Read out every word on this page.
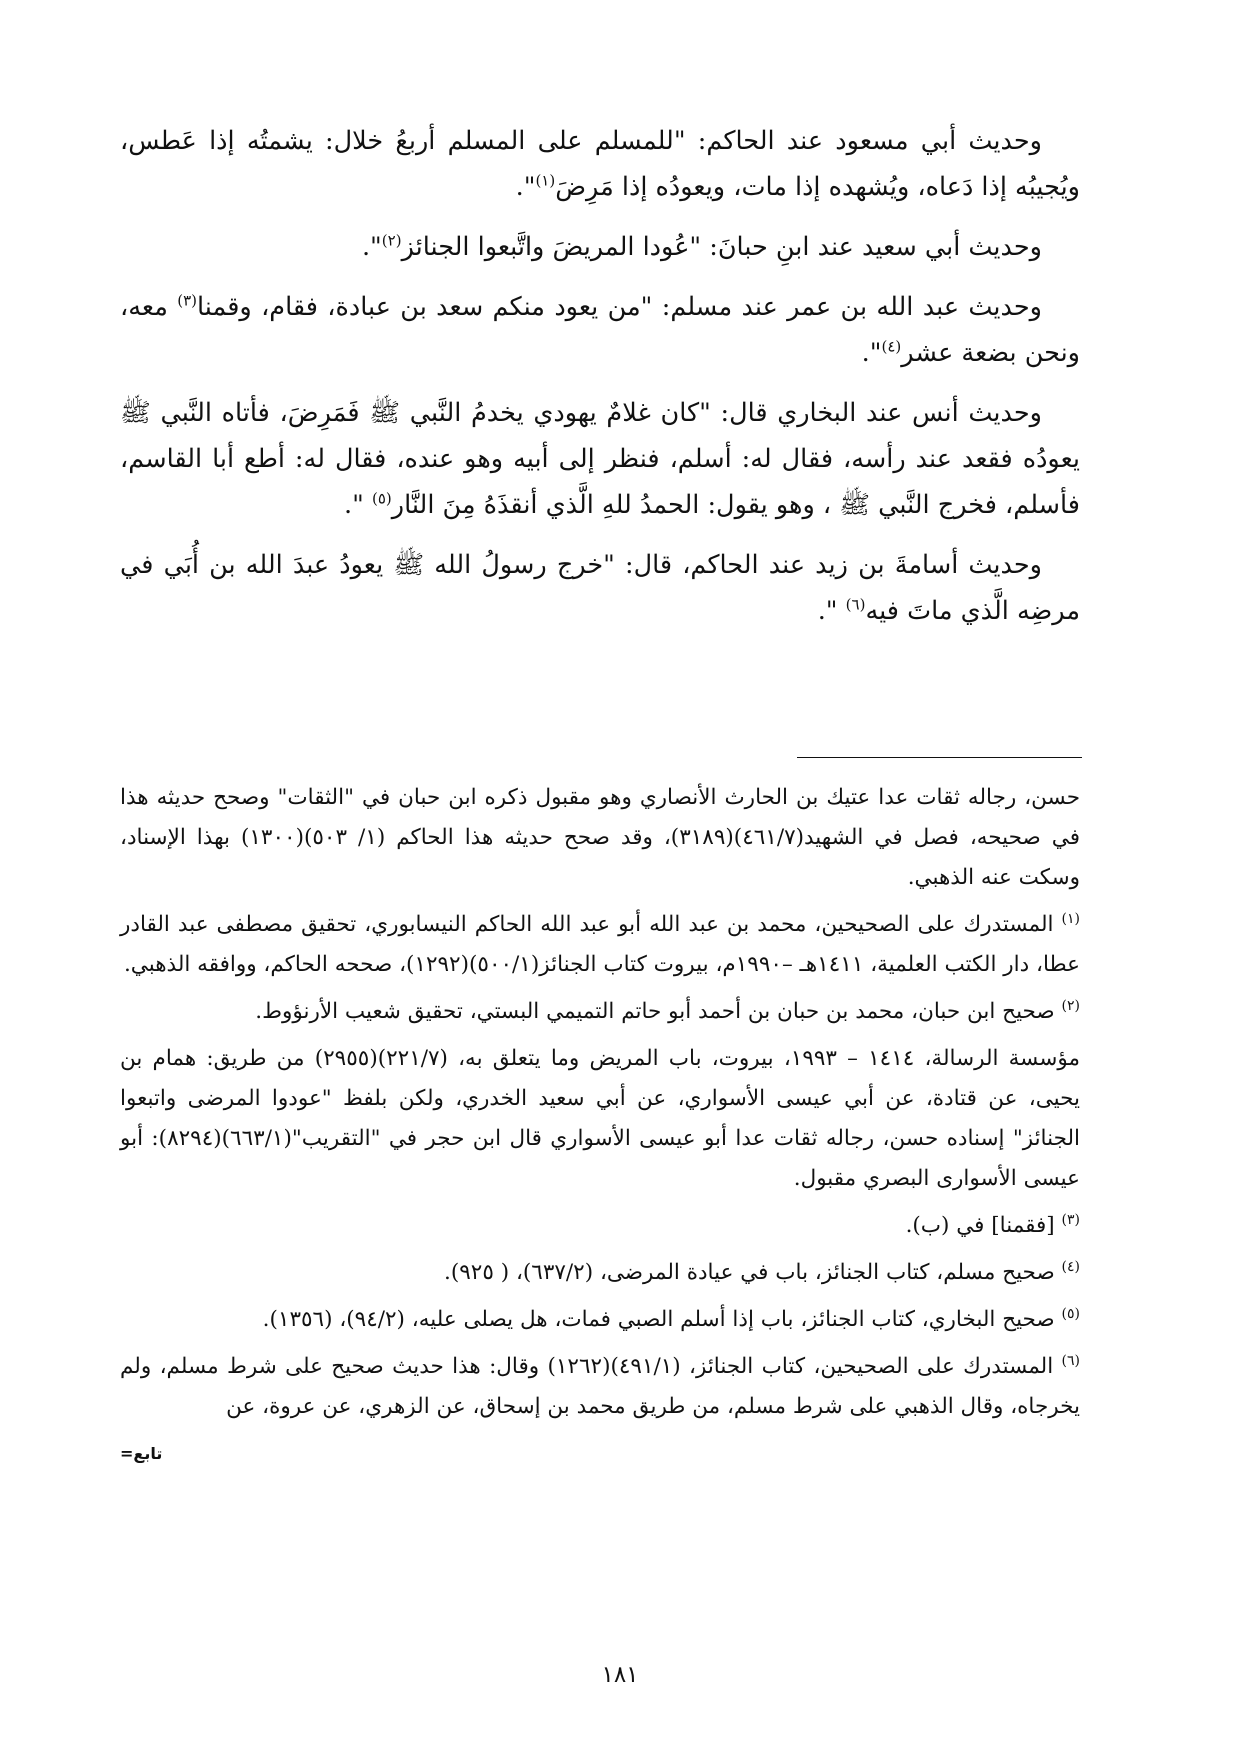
وحديث أبي مسعود عند الحاكم: "للمسلم على المسلم أربعُ خلال: يشمتُه إذا عَطس، ويُجيبُه إذا دَعاه، ويُشهده إذا مات، ويعودُه إذا مَرِضَ$^{(١)}$".

وحديث أبي سعيد عند ابنِ حبانَ: "عُودا المريضَ واتَّبعوا الجنائز$^{(٢)}$".

وحديث عبد الله بن عمر عند مسلم: "من يعود منكم سعد بن عبادة، فقام، وقمنا$^{(٣)}$ معه، ونحن بضعة عشر$^{(٤)}$".

وحديث أنس عند البخاري قال: "كان غلامٌ يهودي يخدمُ النَّبي ﷺ فَمَرِضَ، فأتاه النَّبي ﷺ يعودُه فقعد عند رأسه، فقال له: أسلم، فنظر إلى أبيه وهو عنده، فقال له: أطع أبا القاسم، فأسلم، فخرج النَّبي ﷺ ، وهو يقول: الحمدُ للهِ الَّذي أنقذَهُ مِنَ النَّار$^{(٥)}$ ".

وحديث أسامةَ بن زيد عند الحاكم، قال: "خرج رسولُ الله ﷺ يعودُ عبدَ الله بن أُبَي في مرضِه الَّذي ماتَ فيه$^{(٦)}$ ".

حسن، رجاله ثقات عدا عتيك بن الحارث الأنصاري وهو مقبول ذكره ابن حبان في "الثقات" وصحح حديثه هذا في صحيحه، فصل في الشهيد(٤٦١/٧)(٣١٨٩)، وقد صحح حديثه هذا الحاكم (١/ ٥٠٣)(١٣٠٠) بهذا الإسناد، وسكت عنه الذهبي.

$^{(١)}$ المستدرك على الصحيحين، محمد بن عبد الله أبو عبد الله الحاكم النيسابوري، تحقيق مصطفى عبد القادر عطا، دار الكتب العلمية، ١٤١١هـ –١٩٩٠م، بيروت كتاب الجنائز(٥٠٠/١)(١٢٩٢)، صححه الحاكم، ووافقه الذهبي.

$^{(٢)}$ صحيح ابن حبان، محمد بن حبان بن أحمد أبو حاتم التميمي البستي، تحقيق شعيب الأرنؤوط.

مؤسسة الرسالة، ١٤١٤ – ١٩٩٣، بيروت، باب المريض وما يتعلق به، (٢٢١/٧)(٢٩٥٥) من طريق: همام بن يحيى، عن قتادة، عن أبي عيسى الأسواري، عن أبي سعيد الخدري، ولكن بلفظ "عودوا المرضى واتبعوا الجنائز" إسناده حسن، رجاله ثقات عدا أبو عيسى الأسواري قال ابن حجر في "التقريب"(٦٦٣/١)(٨٢٩٤): أبو عيسى الأسوارى البصري مقبول.

$^{(٣)}$ [فقمنا] في (ب).

$^{(٤)}$ صحيح مسلم، كتاب الجنائز، باب في عيادة المرضى، (٦٣٧/٢)، ( ٩٢٥).

$^{(٥)}$ صحيح البخاري، كتاب الجنائز، باب إذا أسلم الصبي فمات، هل يصلى عليه، (٩٤/٢)، (١٣٥٦).

$^{(٦)}$ المستدرك على الصحيحين، كتاب الجنائز، (٤٩١/١)(١٢٦٢) وقال: هذا حديث صحيح على شرط مسلم، ولم يخرجاه، وقال الذهبي على شرط مسلم، من طريق محمد بن إسحاق، عن الزهري، عن عروة، عن

تابع=

١٨١
